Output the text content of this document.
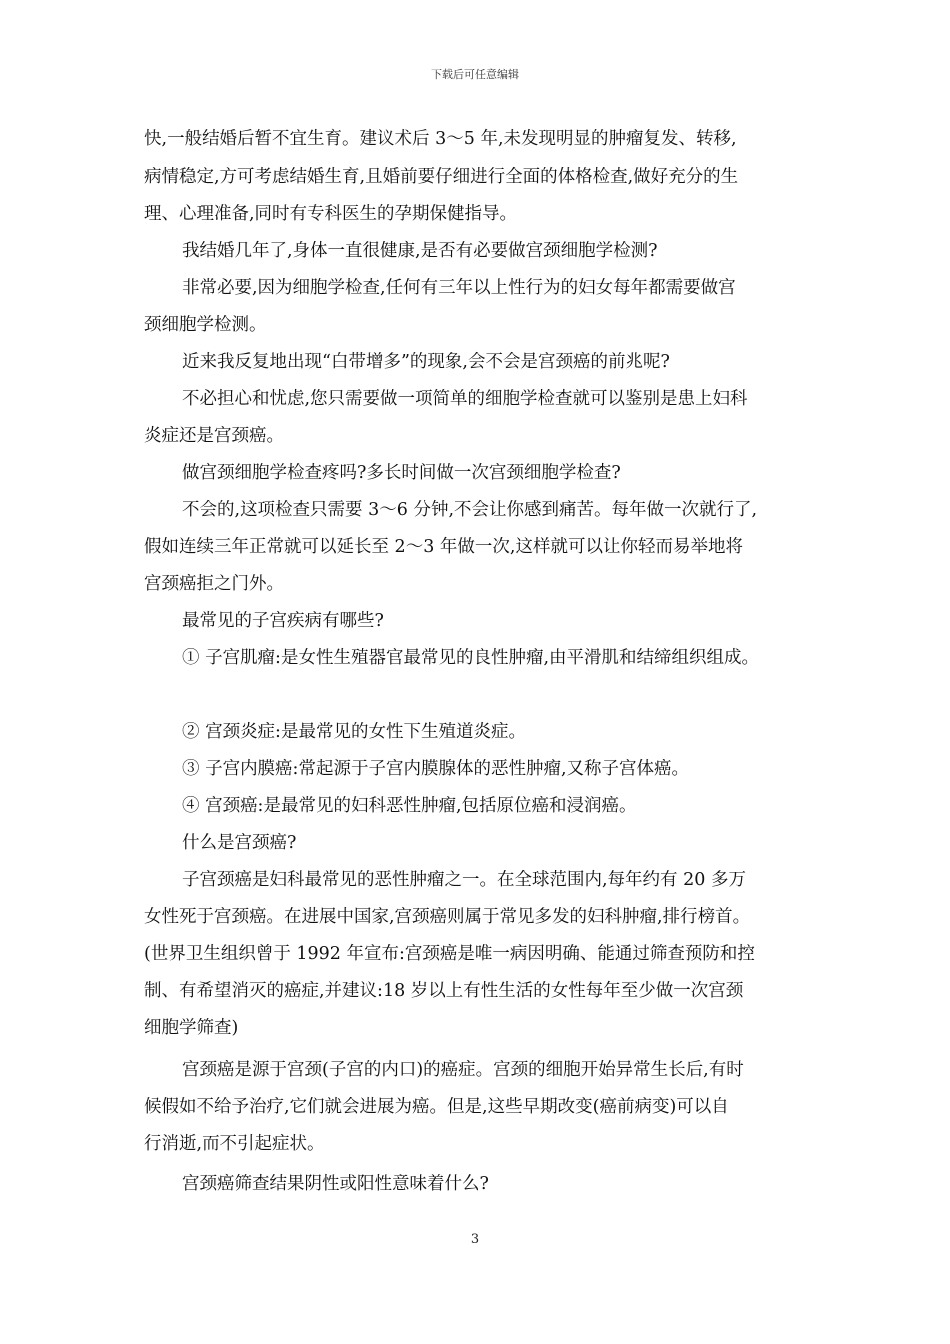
下载后可任意编辑
快,一般结婚后暂不宜生育。建议术后 3～5 年,未发现明显的肿瘤复发、转移,
病情稳定,方可考虑结婚生育,且婚前要仔细进行全面的体格检查,做好充分的生
理、心理准备,同时有专科医生的孕期保健指导。
我结婚几年了,身体一直很健康,是否有必要做宫颈细胞学检测?
非常必要,因为细胞学检查,任何有三年以上性行为的妇女每年都需要做宫
颈细胞学检测。
近来我反复地出现“白带增多”的现象,会不会是宫颈癌的前兆呢?
不必担心和忧虑,您只需要做一项简单的细胞学检查就可以鉴别是患上妇科
炎症还是宫颈癌。
做宫颈细胞学检查疼吗?多长时间做一次宫颈细胞学检查?
不会的,这项检查只需要 3～6 分钟,不会让你感到痛苦。每年做一次就行了,
假如连续三年正常就可以延长至 2～3 年做一次,这样就可以让你轻而易举地将
宫颈癌拒之门外。
最常见的子宫疾病有哪些?
① 子宫肌瘤:是女性生殖器官最常见的良性肿瘤,由平滑肌和结缔组织组成。
② 宫颈炎症:是最常见的女性下生殖道炎症。
③ 子宫内膜癌:常起源于子宫内膜腺体的恶性肿瘤,又称子宫体癌。
④ 宫颈癌:是最常见的妇科恶性肿瘤,包括原位癌和浸润癌。
什么是宫颈癌?
子宫颈癌是妇科最常见的恶性肿瘤之一。在全球范围内,每年约有 20 多万
女性死于宫颈癌。在进展中国家,宫颈癌则属于常见多发的妇科肿瘤,排行榜首。
(世界卫生组织曾于 1992 年宣布:宫颈癌是唯一病因明确、能通过筛查预防和控
制、有希望消灭的癌症,并建议:18 岁以上有性生活的女性每年至少做一次宫颈
细胞学筛查)
宫颈癌是源于宫颈(子宫的内口)的癌症。宫颈的细胞开始异常生长后,有时
候假如不给予治疗,它们就会进展为癌。但是,这些早期改变(癌前病变)可以自
行消逝,而不引起症状。
宫颈癌筛查结果阴性或阳性意味着什么?
3
